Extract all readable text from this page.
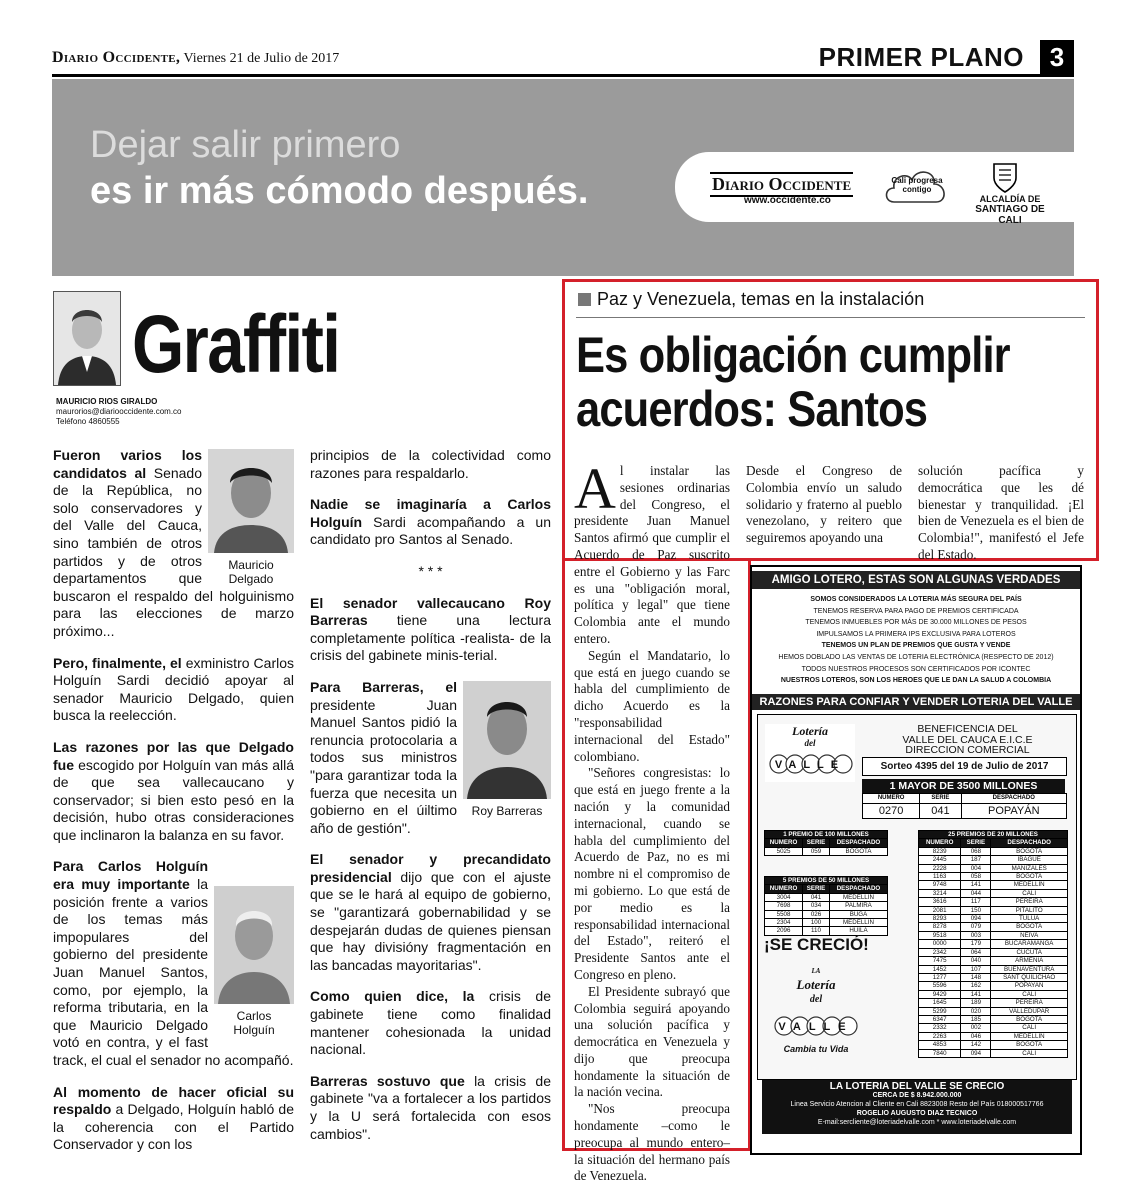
Diario Occidente, Viernes 21 de Julio de 2017	PRIMER PLANO 3
Dejar salir primero
es ir más cómodo después.	Diario Occidente
www.occidente.co
Cali progresa contigo
ALCALDÍA DE
SANTIAGO DE CALI
Graffiti
MAURICIO RIOS GIRALDO
maurorios@diariooccidente.com.co
Teléfono 4860555
Mauricio
Delgado

Fueron varios los candidatos al Senado de la República, no solo conservadores y del Valle del Cauca, sino también de otros partidos y de otros departamentos que buscaron el respaldo del holguinismo para las elecciones de marzo próximo...

Pero, finalmente, el exministro Carlos Holguín Sardi decidió apoyar al senador Mauricio Delgado, quien busca la reelección.

Las razones por las que Delgado fue escogido por Holguín van más allá de que sea vallecaucano y conservador; si bien esto pesó en la decisión, hubo otras consideraciones que inclinaron la balanza en su favor.

Carlos
Holguín

Para Carlos Holguín era muy importante la posición frente a varios de los temas más impopulares del gobierno del presidente Juan Manuel Santos, como, por ejemplo, la reforma tributaria, en la que Mauricio Delgado votó en contra, y el fast track, el cual el senador no acompañó.

Al momento de hacer oficial su respaldo a Delgado, Holguín habló de la coherencia con el Partido Conservador y con los

principios de la colectividad como razones para respaldarlo.

Nadie se imaginaría a Carlos Holguín Sardi acompañando a un candidato pro Santos al Senado.

* * *

El senador vallecaucano Roy Barreras tiene una lectura completamente política -realista- de la crisis del gabinete minis-terial.

Roy Barreras

Para Barreras, el presidente Juan Manuel Santos pidió la renuncia protocolaria a todos sus ministros "para garantizar toda la fuerza que necesita un gobierno en el úiltimo año de gestión".

El senador y precandidato presidencial dijo que con el ajuste que se le hará al equipo de gobierno, se "garantizará gobernabilidad y se despejarán dudas de quienes piensan que hay divisióny fragmentación en las bancadas mayoritarias".

Como quien dice, la crisis de gabinete tiene como finalidad mantener cohesionada la unidad nacional.

Barreras sostuvo que la crisis de gabinete "va a fortalecer a los partidos y la U será fortalecida con esos cambios".

Paz y Venezuela, temas en la instalación
Es obligación cumplir acuerdos: Santos

Al instalar las sesiones ordinarias del Congreso, el presidente Juan Manuel Santos afirmó que cumplir el Acuerdo de Paz suscrito entre el Gobierno y las Farc es una "obligación moral, política y legal" que tiene Colombia ante el mundo entero.

Según el Mandatario, lo que está en juego cuando se habla del cumplimiento de dicho Acuerdo es la "responsabilidad internacional del Estado" colombiano.

"Señores congresistas: lo que está en juego frente a la nación y la comunidad internacional, cuando se habla del cumplimiento del Acuerdo de Paz, no es mi nombre ni el compromiso de mi gobierno. Lo que está de por medio es la responsabilidad internacional del Estado", reiteró el Presidente Santos ante el Congreso en pleno.

El Presidente subrayó que Colombia seguirá apoyando una solución pacífica y democrática en Venezuela y dijo que preocupa hondamente la situación de la nación vecina.

"Nos preocupa hondamente –como le preocupa al mundo entero– la situación del hermano país de Venezuela.

Desde el Congreso de Colombia envío un saludo solidario y fraterno al pueblo venezolano, y reitero que seguiremos apoyando una

solución pacífica y democrática que les dé bienestar y tranquilidad. ¡El bien de Venezuela es el bien de Colombia!", manifestó el Jefe del Estado.

AMIGO LOTERO, ESTAS SON ALGUNAS VERDADES
SOMOS CONSIDERADOS LA LOTERIA MÁS SEGURA DEL PAÍS
TENEMOS RESERVA PARA PAGO DE PREMIOS CERTIFICADA
TENEMOS INMUEBLES POR MÁS DE 30.000 MILLONES DE PESOS
IMPULSAMOS LA PRIMERA IPS EXCLUSIVA PARA LOTEROS
TENEMOS UN PLAN DE PREMIOS QUE GUSTA Y VENDE
HEMOS DOBLADO LAS VENTAS DE LOTERIA ELECTRÓNICA (RESPECTO DE 2012)
TODOS NUESTROS PROCESOS SON CERTIFICADOS POR ICONTEC
NUESTROS LOTEROS, SON LOS HEROES QUE LE DAN LA SALUD A COLOMBIA
RAZONES PARA CONFIAR Y VENDER LOTERIA DEL VALLE
Lotería
del
VALLE
BENEFICENCIA DEL
VALLE DEL CAUCA E.I.C.E
DIRECCION COMERCIAL
Sorteo 4395 del 19 de Julio de 2017
1 MAYOR DE 3500 MILLONES
NUMERO	SERIE	DESPACHADO
0270	041	POPAYÁN
1 PREMIO DE 100 MILLONES		
NUMERO	SERIE	DESPACHADO
5025	059	BOGOTA
5 PREMIOS DE 50 MILLONES		
NUMERO	SERIE	DESPACHADO
3004	041	MEDELLIN
7698	034	PALMIRA
5508	026	BUGA
2304	100	MEDELLIN
2096	110	HUILA
25 PREMIOS DE 20 MILLONES		
NUMERO	SERIE	DESPACHADO
8239	068	BOGOTA
2445	187	IBAGUE
2228	004	MANIZALES
1163	058	BOGOTA
9748	141	MEDELLIN
3214	044	CALI
3616	117	PEREIRA
2081	150	PITALITO
8293	094	TULUA
8278	079	BOGOTA
9518	003	NEIVA
0000	179	BUCARAMANGA
2342	064	CUCUTA
7475	040	ARMENIA
1452	107	BUENAVENTURA
1277	148	SANT QUILICHAO
5596	162	POPAYAN
9429	141	CALI
1645	189	PEREIRA
5299	020	VALLEDUPAR
6347	185	BOGOTA
2332	002	CALI
2263	046	MEDELLIN
4853	142	BOGOTA
7840	094	CALI
¡SE CRECIÓ!
LA
Lotería
del
VALLE
Cambia tu Vida
LA LOTERIA DEL VALLE SE CRECIO
CERCA DE $ 8.942.000.000
Linea Servicio Atencion al Cliente en Cali 8823008 Resto del País 018000517766
ROGELIO AUGUSTO DIAZ TECNICO
E-mail:sercliente@loteriadelvalle.com * www.loteriadelvalle.com
